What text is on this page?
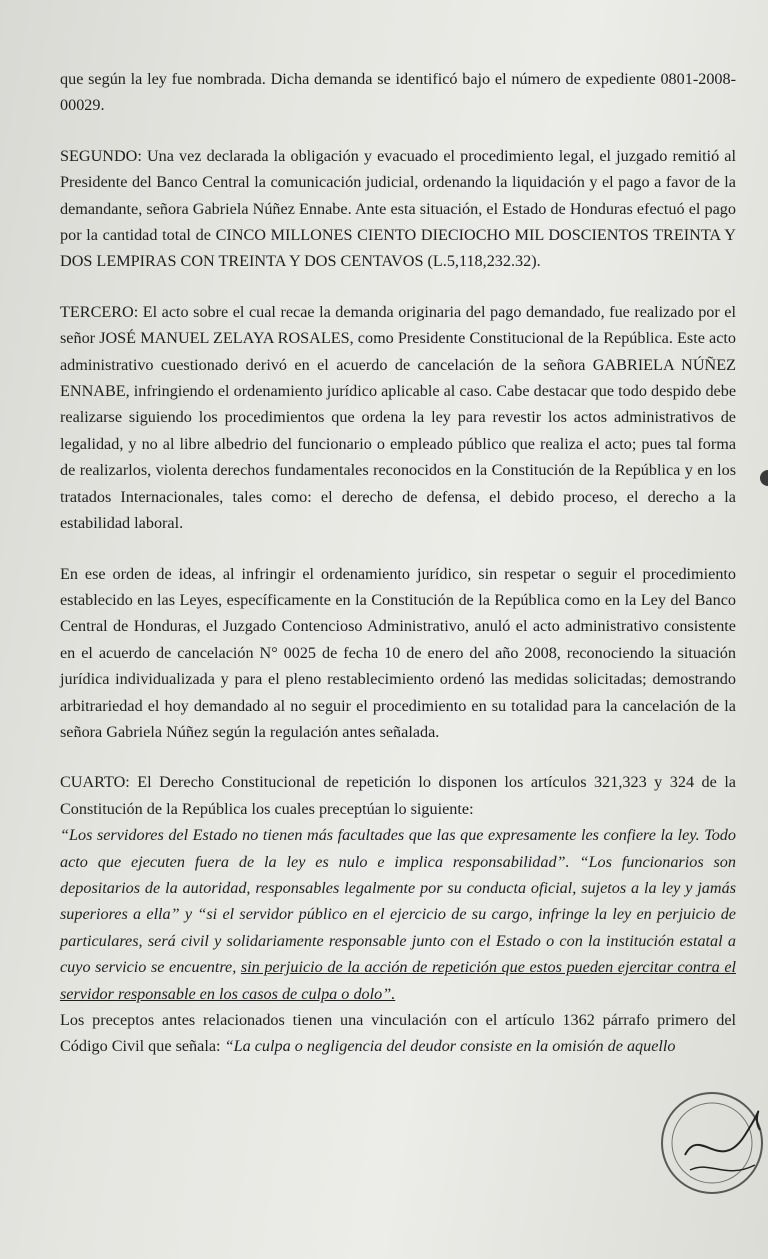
que según la ley fue nombrada. Dicha demanda se identificó bajo el número de expediente 0801-2008-00029.

SEGUNDO: Una vez declarada la obligación y evacuado el procedimiento legal, el juzgado remitió al Presidente del Banco Central la comunicación judicial, ordenando la liquidación y el pago a favor de la demandante, señora Gabriela Núñez Ennabe. Ante esta situación, el Estado de Honduras efectuó el pago por la cantidad total de CINCO MILLONES CIENTO DIECIOCHO MIL DOSCIENTOS TREINTA Y DOS LEMPIRAS CON TREINTA Y DOS CENTAVOS (L.5,118,232.32).

TERCERO: El acto sobre el cual recae la demanda originaria del pago demandado, fue realizado por el señor JOSÉ MANUEL ZELAYA ROSALES, como Presidente Constitucional de la República. Este acto administrativo cuestionado derivó en el acuerdo de cancelación de la señora GABRIELA NÚÑEZ ENNABE, infringiendo el ordenamiento jurídico aplicable al caso. Cabe destacar que todo despido debe realizarse siguiendo los procedimientos que ordena la ley para revestir los actos administrativos de legalidad, y no al libre albedrio del funcionario o empleado público que realiza el acto; pues tal forma de realizarlos, violenta derechos fundamentales reconocidos en la Constitución de la República y en los tratados Internacionales, tales como: el derecho de defensa, el debido proceso, el derecho a la estabilidad laboral.

En ese orden de ideas, al infringir el ordenamiento jurídico, sin respetar o seguir el procedimiento establecido en las Leyes, específicamente en la Constitución de la República como en la Ley del Banco Central de Honduras, el Juzgado Contencioso Administrativo, anuló el acto administrativo consistente en el acuerdo de cancelación N° 0025 de fecha 10 de enero del año 2008, reconociendo la situación jurídica individualizada y para el pleno restablecimiento ordenó las medidas solicitadas; demostrando arbitrariedad el hoy demandado al no seguir el procedimiento en su totalidad para la cancelación de la señora Gabriela Núñez según la regulación antes señalada.

CUARTO: El Derecho Constitucional de repetición lo disponen los artículos 321,323 y 324 de la Constitución de la República los cuales preceptúan lo siguiente:

“Los servidores del Estado no tienen más facultades que las que expresamente les confiere la ley. Todo acto que ejecuten fuera de la ley es nulo e implica responsabilidad”. “Los funcionarios son depositarios de la autoridad, responsables legalmente por su conducta oficial, sujetos a la ley y jamás superiores a ella” y “si el servidor público en el ejercicio de su cargo, infringe la ley en perjuicio de particulares, será civil y solidariamente responsable junto con el Estado o con la institución estatal a cuyo servicio se encuentre, sin perjuicio de la acción de repetición que estos pueden ejercitar contra el servidor responsable en los casos de culpa o dolo”.

Los preceptos antes relacionados tienen una vinculación con el artículo 1362 párrafo primero del Código Civil que señala: “La culpa o negligencia del deudor consiste en la omisión de aquello
